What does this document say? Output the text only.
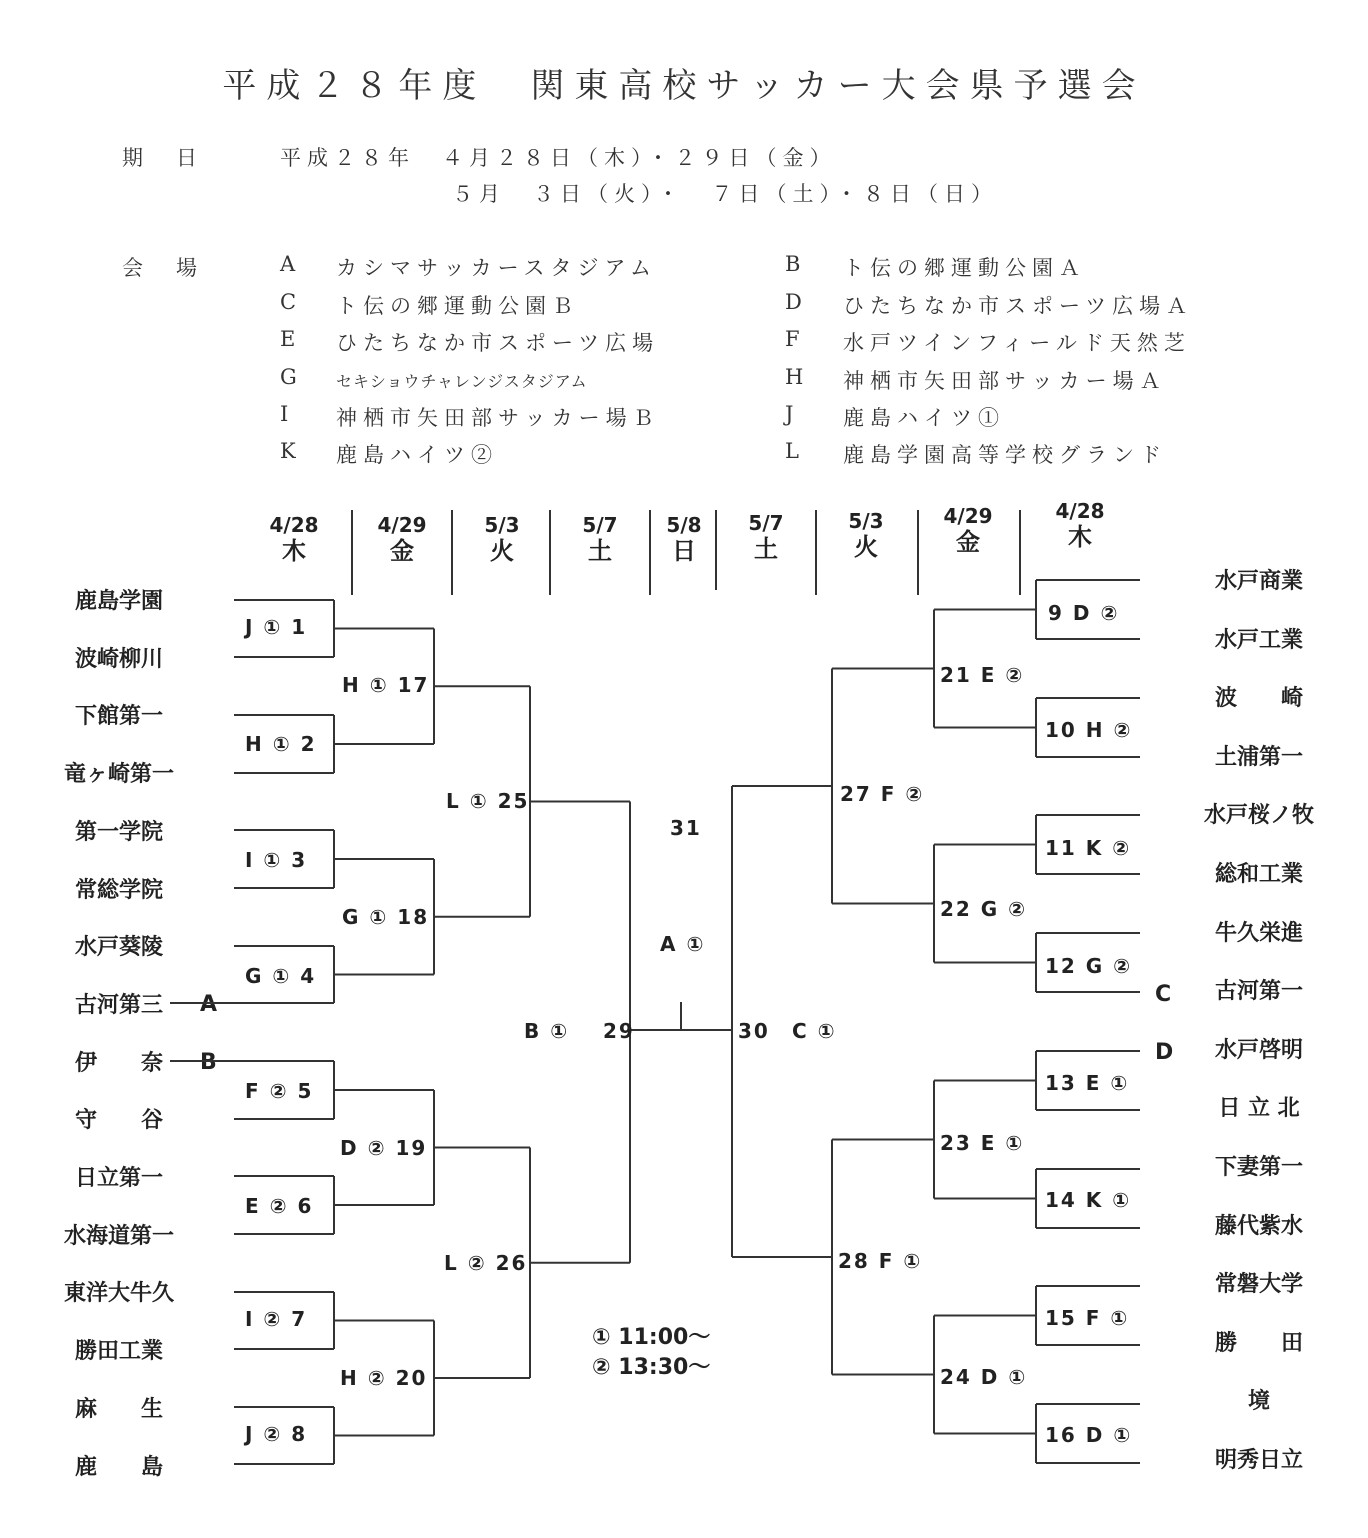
平成２８年度　関東高校サッカー大会県予選会
期　日	平成２８年　４月２８日（木）・２９日（金）
５月　３日（火）・　７日（土）・８日（日）
会　場	A カシマサッカースタジアム	B ト伝の郷運動公園Ａ
C ト伝の郷運動公園Ｂ	D ひたちなか市スポーツ広場Ａ
E ひたちなか市スポーツ広場	F 水戸ツインフィールド天然芝
G セキショウチャレンジスタジアム	H 神栖市矢田部サッカー場Ａ
I 神栖市矢田部サッカー場Ｂ	J 鹿島ハイツ①
K 鹿島ハイツ②	L 鹿島学園高等学校グランド
4/28
木
4/29
金
5/3
火
5/7
土
5/8
日
5/7
土
5/3
火
4/29
金
4/28
木
鹿島学園
波崎柳川
下館第一
竜ヶ崎第一
第一学院
常総学院
水戸葵陵
古河第三
伊　　奈
守　　谷
日立第一
水海道第一
東洋大牛久
勝田工業
麻　　生
鹿　　島
水戸商業
水戸工業
波　　崎
土浦第一
水戸桜ノ牧
総和工業
牛久栄進
古河第一
水戸啓明
日 立 北
下妻第一
藤代紫水
常磐大学
勝　　田
境
明秀日立
A
B
C
D
J ① 1
H ① 2
I ① 3
G ① 4
F ② 5
E ② 6
I ② 7
J ② 8
9 D ②
10 H ②
11 K ②
12 G ②
13 E ①
14 K ①
15 F ①
16 D ①
H ① 17
G ① 18
D ② 19
H ② 20
21 E ②
22 G ②
23 E ①
24 D ①
L ① 25
L ② 26
27 F ②
28 F ①
B ① 29	30 C ①
31
A ①
① 11:00～
② 13:30～
